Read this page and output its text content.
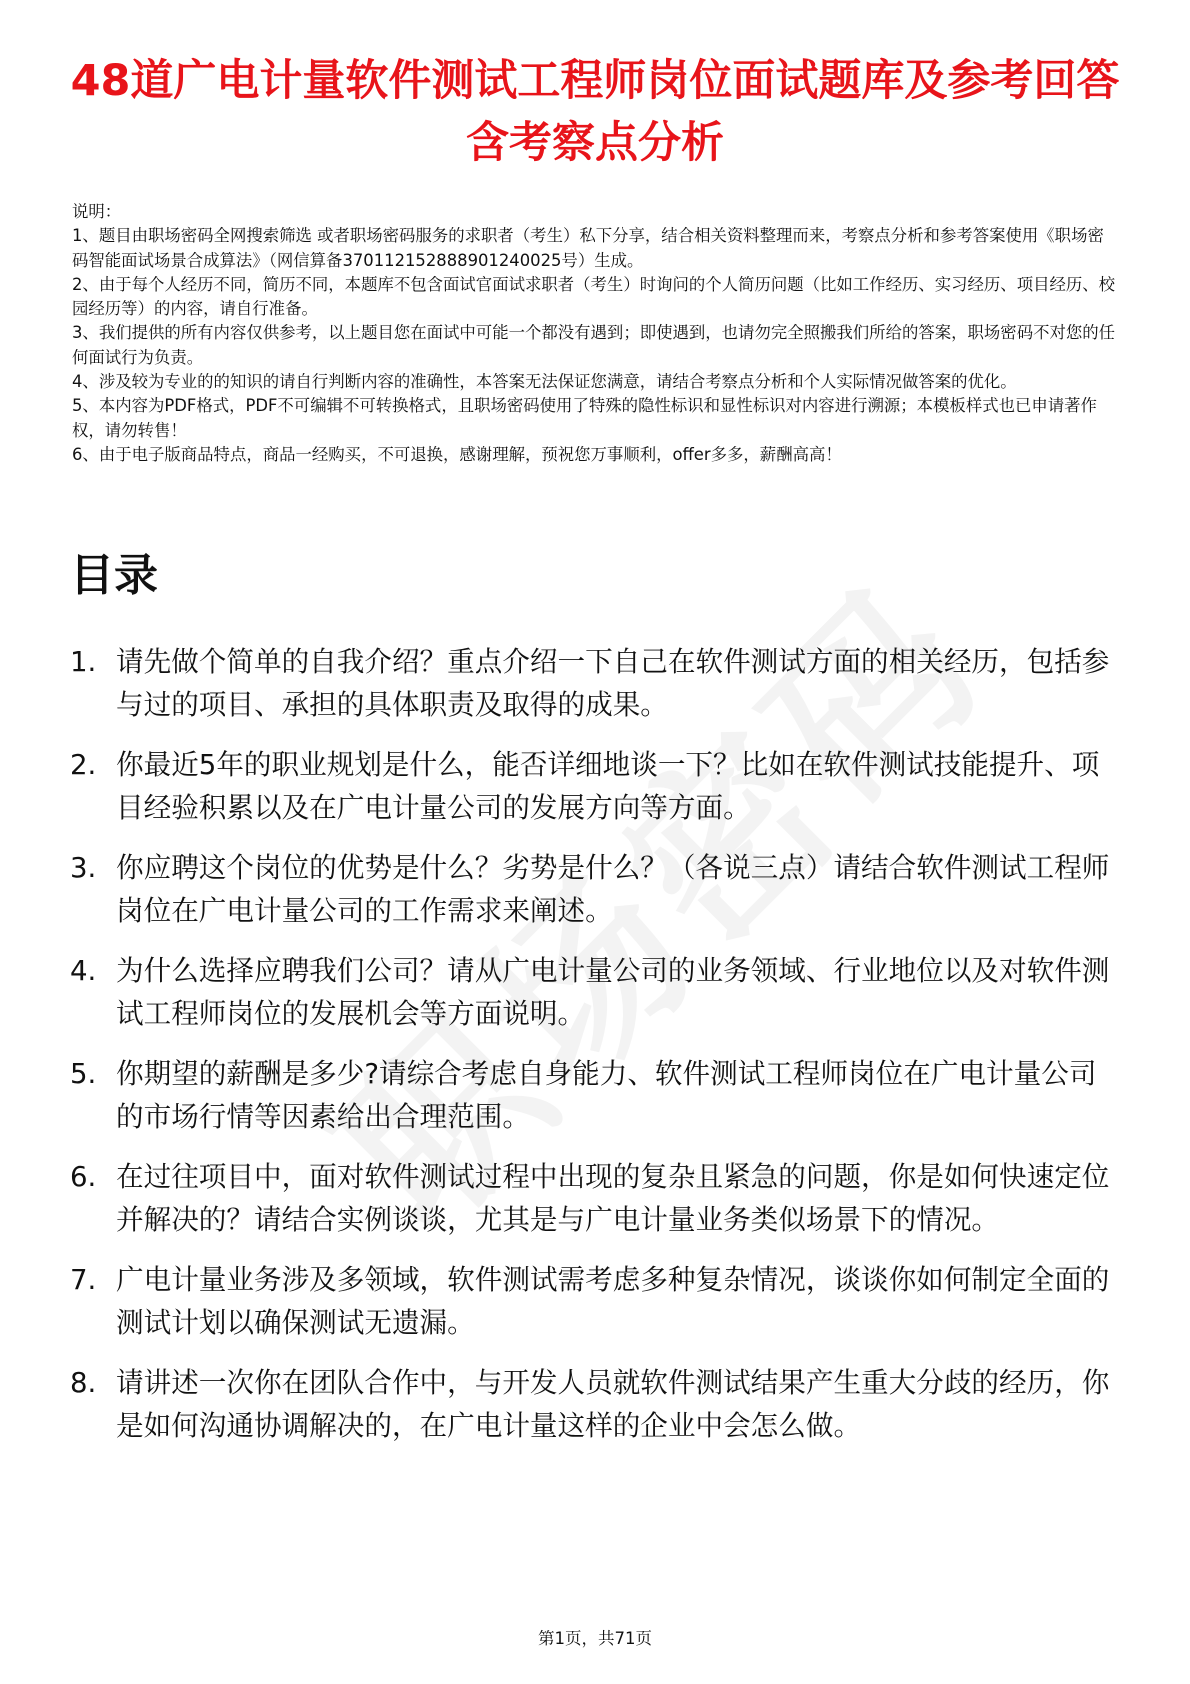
48道广电计量软件测试工程师岗位面试题库及参考回答含考察点分析

说明：

1、题目由职场密码全网搜索筛选 或者职场密码服务的求职者（考生）私下分享，结合相关资料整理而来，考察点分析和参考答案使用《职场密码智能面试场景合成算法》（网信算备370112152888901240025号）生成。

2、由于每个人经历不同，简历不同，本题库不包含面试官面试求职者（考生）时询问的个人简历问题（比如工作经历、实习经历、项目经历、校园经历等）的内容，请自行准备。

3、我们提供的所有内容仅供参考，以上题目您在面试中可能一个都没有遇到；即使遇到，也请勿完全照搬我们所给的答案，职场密码不对您的任何面试行为负责。

4、涉及较为专业的的知识的请自行判断内容的准确性，本答案无法保证您满意，请结合考察点分析和个人实际情况做答案的优化。

5、本内容为PDF格式，PDF不可编辑不可转换格式，且职场密码使用了特殊的隐性标识和显性标识对内容进行溯源；本模板样式也已申请著作权，请勿转售！

6、由于电子版商品特点，商品一经购买，不可退换，感谢理解，预祝您万事顺利，offer多多，薪酬高高！

目录
1. 请先做个简单的自我介绍？重点介绍一下自己在软件测试方面的相关经历，包括参与过的项目、承担的具体职责及取得的成果。
2. 你最近5年的职业规划是什么，能否详细地谈一下？比如在软件测试技能提升、项目经验积累以及在广电计量公司的发展方向等方面。
3. 你应聘这个岗位的优势是什么？劣势是什么？（各说三点）请结合软件测试工程师岗位在广电计量公司的工作需求来阐述。
4. 为什么选择应聘我们公司？请从广电计量公司的业务领域、行业地位以及对软件测试工程师岗位的发展机会等方面说明。
5. 你期望的薪酬是多少?请综合考虑自身能力、软件测试工程师岗位在广电计量公司的市场行情等因素给出合理范围。
6. 在过往项目中，面对软件测试过程中出现的复杂且紧急的问题，你是如何快速定位并解决的？请结合实例谈谈，尤其是与广电计量业务类似场景下的情况。
7. 广电计量业务涉及多领域，软件测试需考虑多种复杂情况，谈谈你如何制定全面的测试计划以确保测试无遗漏。
8. 请讲述一次你在团队合作中，与开发人员就软件测试结果产生重大分歧的经历，你是如何沟通协调解决的，在广电计量这样的企业中会怎么做。
第1页，共71页
